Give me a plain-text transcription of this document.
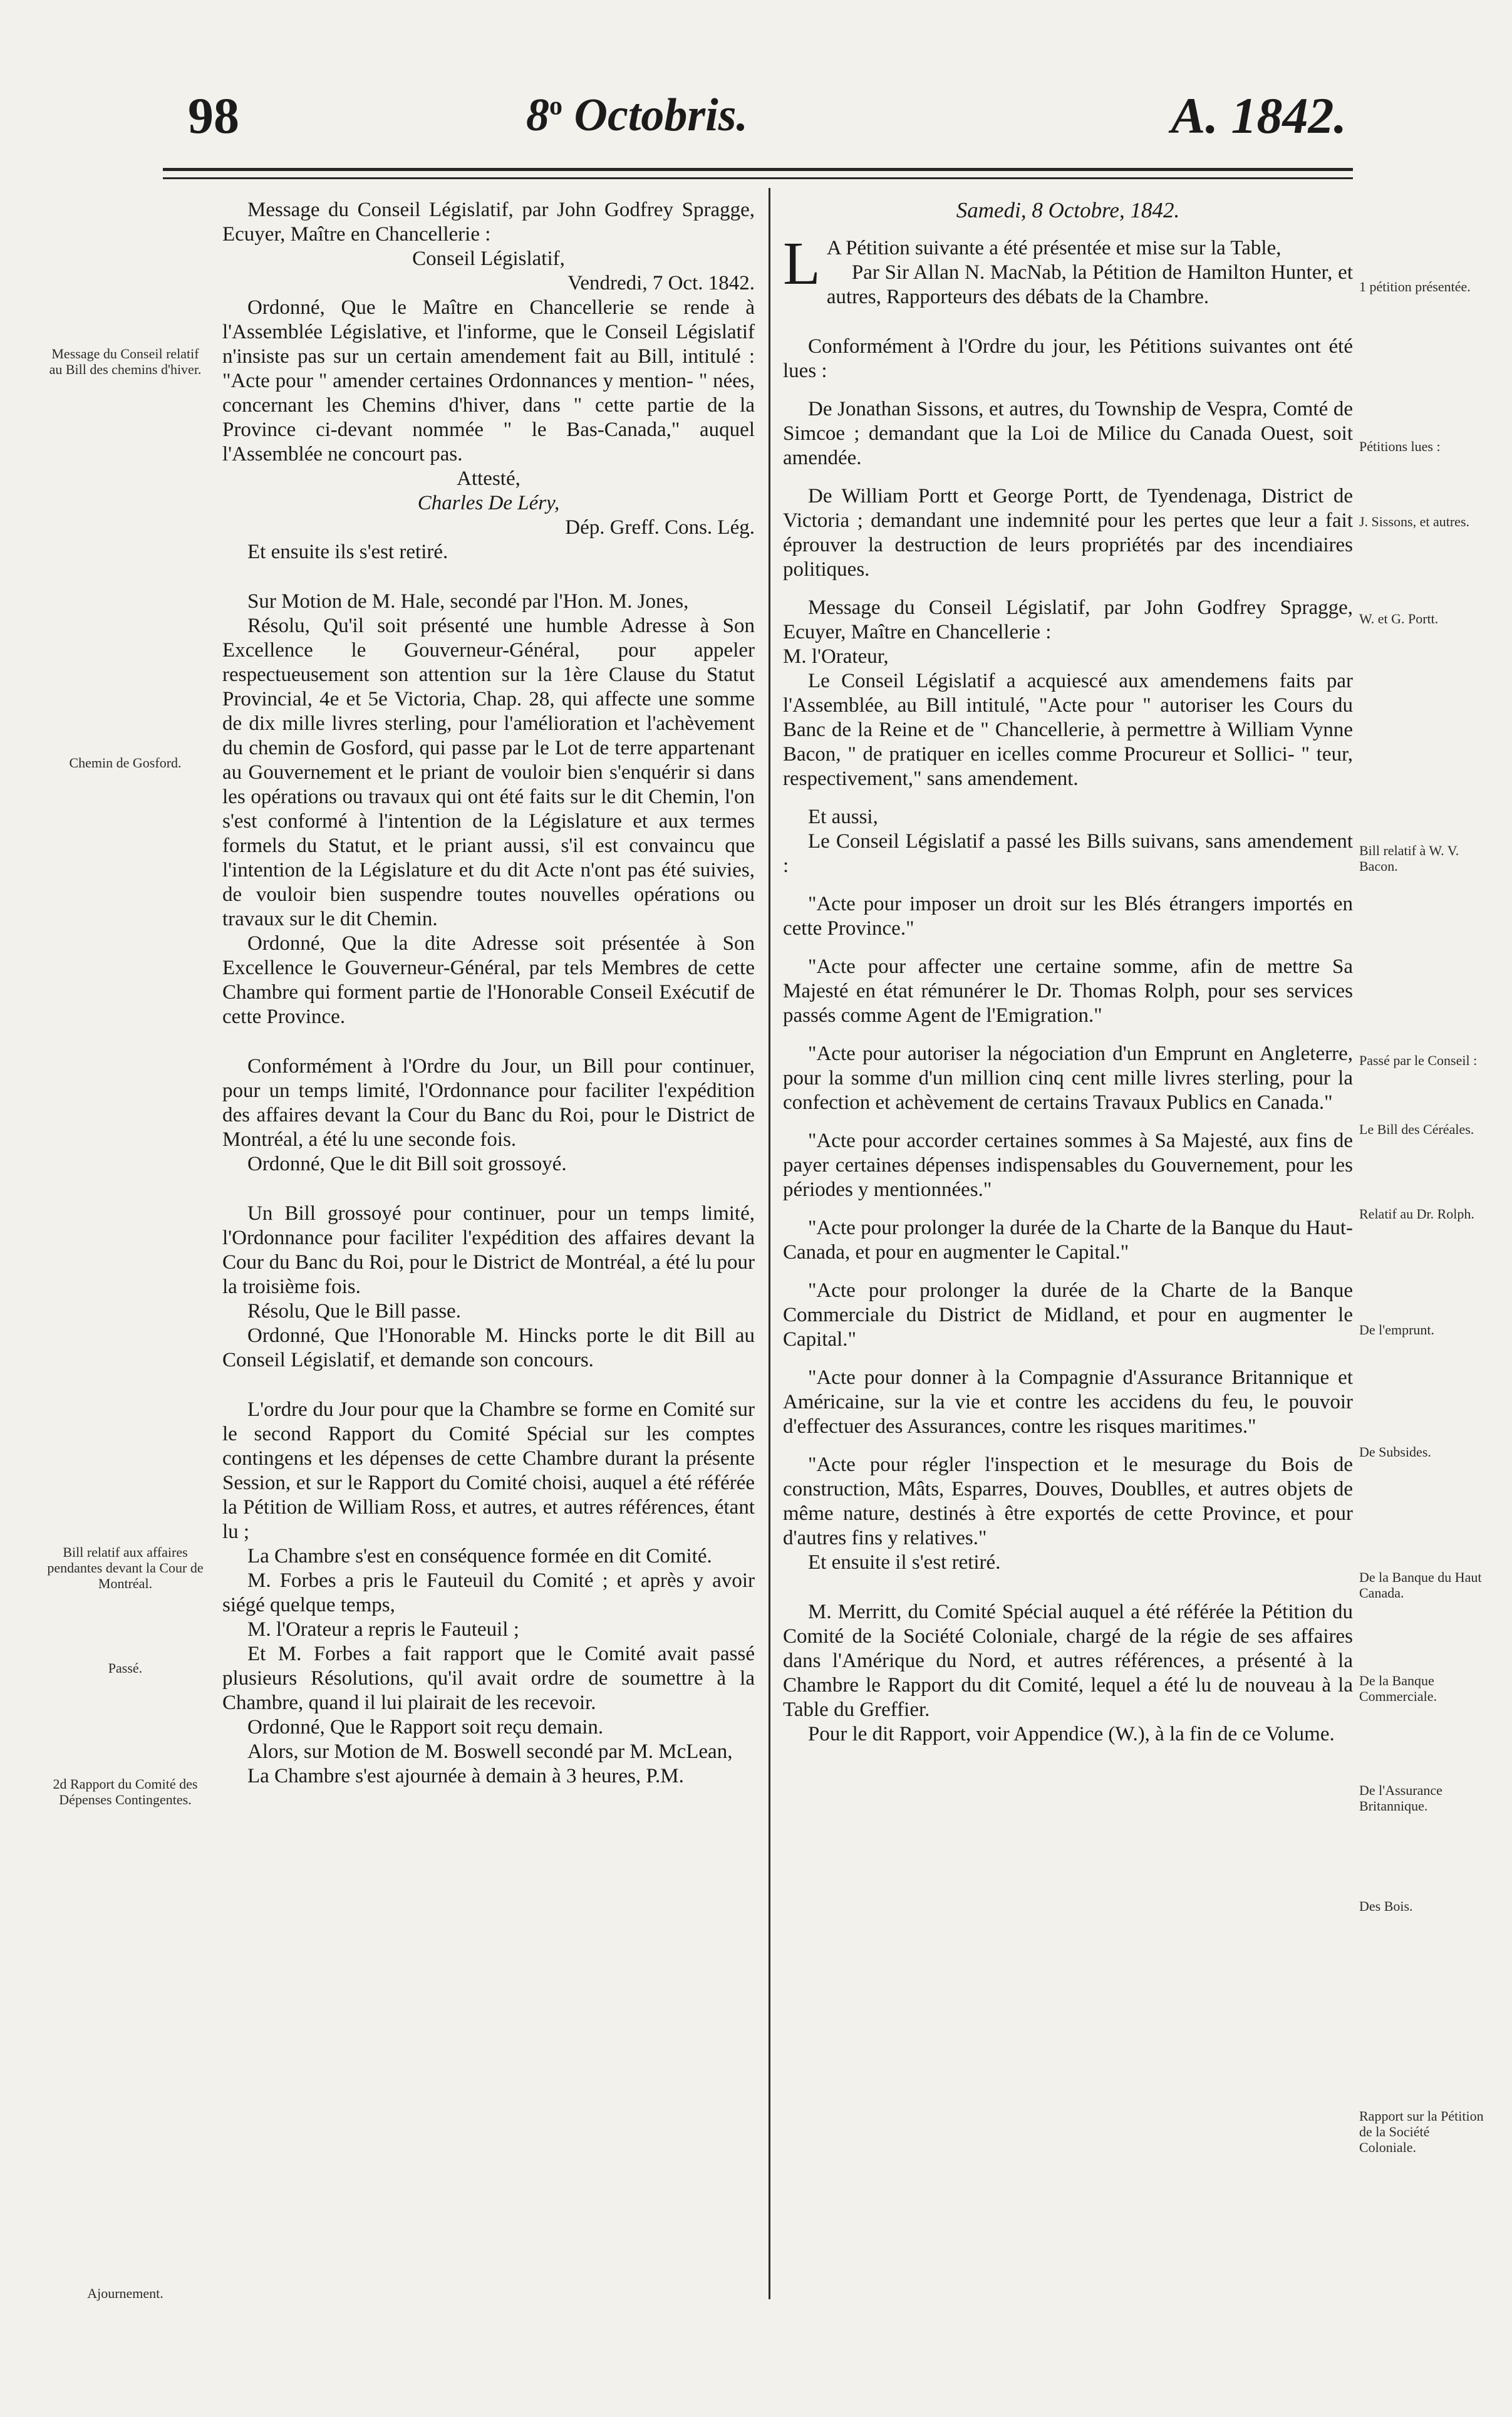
98	8$^o$ Octobris.	A. 1842.

Message du Conseil Législatif, par John Godfrey Spragge, Ecuyer, Maître en Chancellerie :

Conseil Législatif,

Vendredi, 7 Oct. 1842.

Ordonné, Que le Maître en Chancellerie se rende à l'Assemblée Législative, et l'informe, que le Conseil Législatif n'insiste pas sur un certain amendement fait au Bill, intitulé : "Acte pour " amender certaines Ordonnances y mention- " nées, concernant les Chemins d'hiver, dans " cette partie de la Province ci-devant nommée " le Bas-Canada," auquel l'Assemblée ne concourt pas.

Attesté,

Charles De Léry,

Dép. Greff. Cons. Lég.

Et ensuite ils s'est retiré.

Sur Motion de M. Hale, secondé par l'Hon. M. Jones,

Résolu, Qu'il soit présenté une humble Adresse à Son Excellence le Gouverneur-Général, pour appeler respectueusement son attention sur la 1ère Clause du Statut Provincial, 4e et 5e Victoria, Chap. 28, qui affecte une somme de dix mille livres sterling, pour l'amélioration et l'achèvement du chemin de Gosford, qui passe par le Lot de terre appartenant au Gouvernement et le priant de vouloir bien s'enquérir si dans les opérations ou travaux qui ont été faits sur le dit Chemin, l'on s'est conformé à l'intention de la Législature et aux termes formels du Statut, et le priant aussi, s'il est convaincu que l'intention de la Législature et du dit Acte n'ont pas été suivies, de vouloir bien suspendre toutes nouvelles opérations ou travaux sur le dit Chemin.

Ordonné, Que la dite Adresse soit présentée à Son Excellence le Gouverneur-Général, par tels Membres de cette Chambre qui forment partie de l'Honorable Conseil Exécutif de cette Province.

Conformément à l'Ordre du Jour, un Bill pour continuer, pour un temps limité, l'Ordonnance pour faciliter l'expédition des affaires devant la Cour du Banc du Roi, pour le District de Montréal, a été lu une seconde fois.

Ordonné, Que le dit Bill soit grossoyé.

Un Bill grossoyé pour continuer, pour un temps limité, l'Ordonnance pour faciliter l'expédition des affaires devant la Cour du Banc du Roi, pour le District de Montréal, a été lu pour la troisième fois.

Résolu, Que le Bill passe.

Ordonné, Que l'Honorable M. Hincks porte le dit Bill au Conseil Législatif, et demande son concours.

L'ordre du Jour pour que la Chambre se forme en Comité sur le second Rapport du Comité Spécial sur les comptes contingens et les dépenses de cette Chambre durant la présente Session, et sur le Rapport du Comité choisi, auquel a été référée la Pétition de William Ross, et autres, et autres références, étant lu ;

La Chambre s'est en conséquence formée en dit Comité.

M. Forbes a pris le Fauteuil du Comité ; et après y avoir siégé quelque temps,

M. l'Orateur a repris le Fauteuil ;

Et M. Forbes a fait rapport que le Comité avait passé plusieurs Résolutions, qu'il avait ordre de soumettre à la Chambre, quand il lui plairait de les recevoir.

Ordonné, Que le Rapport soit reçu demain.

Alors, sur Motion de M. Boswell secondé par M. McLean,

La Chambre s'est ajournée à demain à 3 heures, P.M.

Samedi, 8 Octobre, 1842.

L A Pétition suivante a été présentée et mise sur la Table,

Par Sir Allan N. MacNab, la Pétition de Hamilton Hunter, et autres, Rapporteurs des débats de la Chambre.

Conformément à l'Ordre du jour, les Pétitions suivantes ont été lues :

De Jonathan Sissons, et autres, du Township de Vespra, Comté de Simcoe ; demandant que la Loi de Milice du Canada Ouest, soit amendée.

De William Portt et George Portt, de Tyendenaga, District de Victoria ; demandant une indemnité pour les pertes que leur a fait éprouver la destruction de leurs propriétés par des incendiaires politiques.

Message du Conseil Législatif, par John Godfrey Spragge, Ecuyer, Maître en Chancellerie :

M. l'Orateur,

Le Conseil Législatif a acquiescé aux amendemens faits par l'Assemblée, au Bill intitulé, "Acte pour " autoriser les Cours du Banc de la Reine et de " Chancellerie, à permettre à William Vynne Bacon, " de pratiquer en icelles comme Procureur et Sollici- " teur, respectivement," sans amendement.

Et aussi,

Le Conseil Législatif a passé les Bills suivans, sans amendement :

"Acte pour imposer un droit sur les Blés étrangers importés en cette Province."

"Acte pour affecter une certaine somme, afin de mettre Sa Majesté en état rémunérer le Dr. Thomas Rolph, pour ses services passés comme Agent de l'Emigration."

"Acte pour autoriser la négociation d'un Emprunt en Angleterre, pour la somme d'un million cinq cent mille livres sterling, pour la confection et achèvement de certains Travaux Publics en Canada."

"Acte pour accorder certaines sommes à Sa Majesté, aux fins de payer certaines dépenses indispensables du Gouvernement, pour les périodes y mentionnées."

"Acte pour prolonger la durée de la Charte de la Banque du Haut-Canada, et pour en augmenter le Capital."

"Acte pour prolonger la durée de la Charte de la Banque Commerciale du District de Midland, et pour en augmenter le Capital."

"Acte pour donner à la Compagnie d'Assurance Britannique et Américaine, sur la vie et contre les accidens du feu, le pouvoir d'effectuer des Assurances, contre les risques maritimes."

"Acte pour régler l'inspection et le mesurage du Bois de construction, Mâts, Esparres, Douves, Doublles, et autres objets de même nature, destinés à être exportés de cette Province, et pour d'autres fins y relatives."

Et ensuite il s'est retiré.

M. Merritt, du Comité Spécial auquel a été référée la Pétition du Comité de la Société Coloniale, chargé de la régie de ses affaires dans l'Amérique du Nord, et autres références, a présenté à la Chambre le Rapport du dit Comité, lequel a été lu de nouveau à la Table du Greffier.

Pour le dit Rapport, voir Appendice (W.), à la fin de ce Volume.

Message du Conseil relatif au Bill des chemins d'hiver.
Chemin de Gosford.
Bill relatif aux affaires pendantes devant la Cour de Montréal.
Passé.
2d Rapport du Comité des Dépenses Contingentes.
Ajournement.
1 pétition présentée.
Pétitions lues :
J. Sissons, et autres.
W. et G. Portt.
Bill relatif à W. V. Bacon.
Passé par le Conseil :
Le Bill des Céréales.
Relatif au Dr. Rolph.
De l'emprunt.
De Subsides.
De la Banque du Haut Canada.
De la Banque Commerciale.
De l'Assurance Britannique.
Des Bois.
Rapport sur la Pétition de la Société Coloniale.
